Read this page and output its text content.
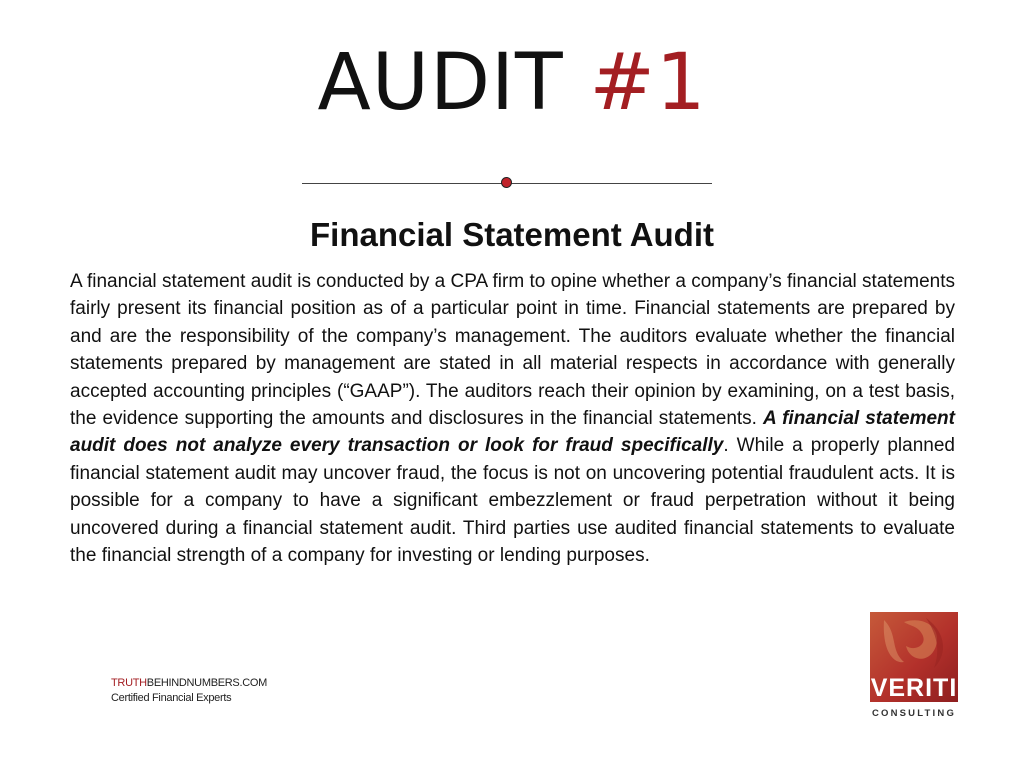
AUDIT #1
Financial Statement Audit
A financial statement audit is conducted by a CPA firm to opine whether a company’s financial statements fairly present its financial position as of a particular point in time. Financial statements are prepared by and are the responsibility of the company’s management. The auditors evaluate whether the financial statements prepared by management are stated in all material respects in accordance with generally accepted accounting principles (“GAAP”). The auditors reach their opinion by examining, on a test basis, the evidence supporting the amounts and disclosures in the financial statements. A financial statement audit does not analyze every transaction or look for fraud specifically. While a properly planned financial statement audit may uncover fraud, the focus is not on uncovering potential fraudulent acts. It is possible for a company to have a significant embezzlement or fraud perpetration without it being uncovered during a financial statement audit. Third parties use audited financial statements to evaluate the financial strength of a company for investing or lending purposes.
TRUTHBEHINDNUMBERS.COM
Certified Financial Experts	VERITI
CONSULTING
